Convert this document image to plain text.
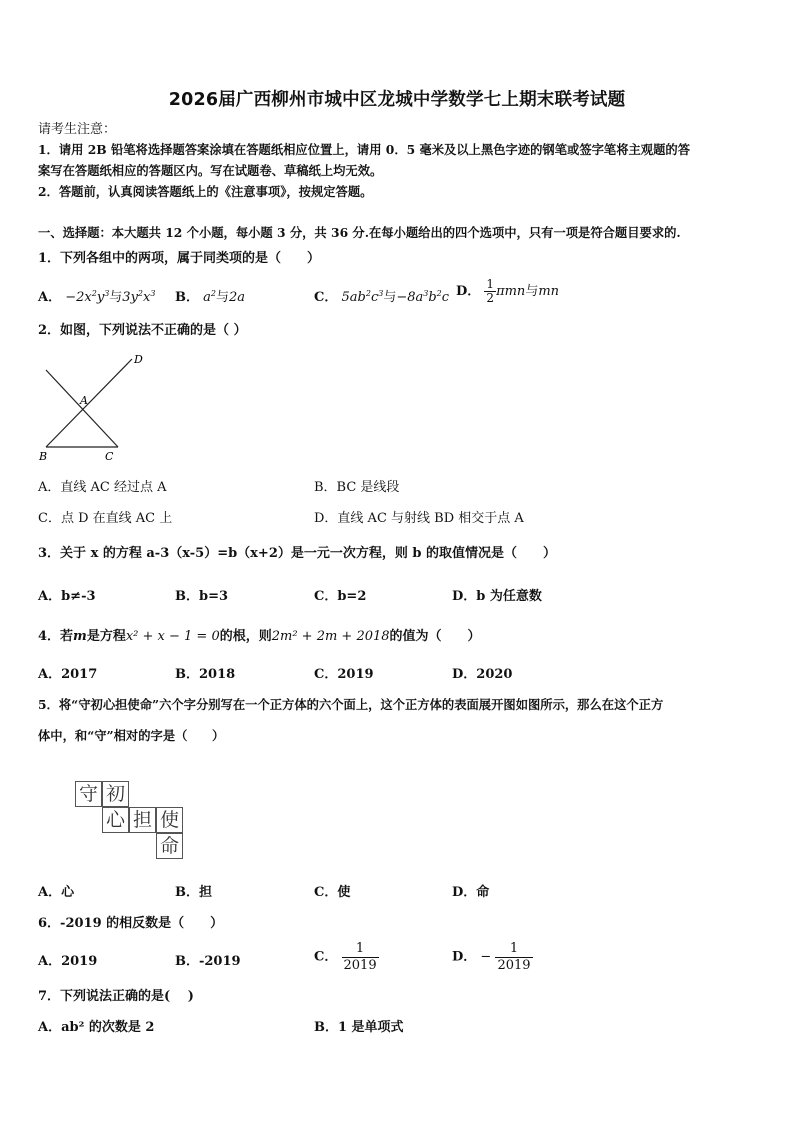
2026届广西柳州市城中区龙城中学数学七上期末联考试题
请考生注意：
1．请用 2B 铅笔将选择题答案涂填在答题纸相应位置上，请用 0．5 毫米及以上黑色字迹的钢笔或签字笔将主观题的答
案写在答题纸相应的答题区内。写在试题卷、草稿纸上均无效。
2．答题前，认真阅读答题纸上的《注意事项》，按规定答题。
一、选择题：本大题共 12 个小题，每小题 3 分，共 36 分.在每小题给出的四个选项中，只有一项是符合题目要求的.
1．下列各组中的两项，属于同类项的是（　　）
A． $-2x^2y^3$与$3y^2x^3$ B． $a^2$与2a	C． $5ab^2c^3$与$-8a^3b^2c$ D． $\frac{1}{2}$ πmn与mn
2．如图，下列说法不正确的是（ ）
D
A
B	C
A．直线 AC 经过点 A	B．BC 是线段
C．点 D 在直线 AC 上	D．直线 AC 与射线 BD 相交于点 A
3．关于 x 的方程 a-3（x-5）=b（x+2）是一元一次方程，则 b 的取值情况是（　　）
A．b≠-3	B．b=3	C．b=2	D．b 为任意数
4．若m是方程x² + x − 1 = 0的根，则2m² + 2m + 2018的值为（　　）
A．2017	B．2018	C．2019	D．2020
5．将“守初心担使命”六个字分别写在一个正方体的六个面上，这个正方体的表面展开图如图所示，那么在这个正方
体中，和“守”相对的字是（　　）
守 初
心 担 使
命
A．心	B．担	C．使	D．命
6．-2019 的相反数是（　　）
A．2019	B．-2019	C． $\frac{1}{2019}$	D． − $\frac{1}{2019}$
7．下列说法正确的是(　 )
A．ab² 的次数是 2	B．1 是单项式
